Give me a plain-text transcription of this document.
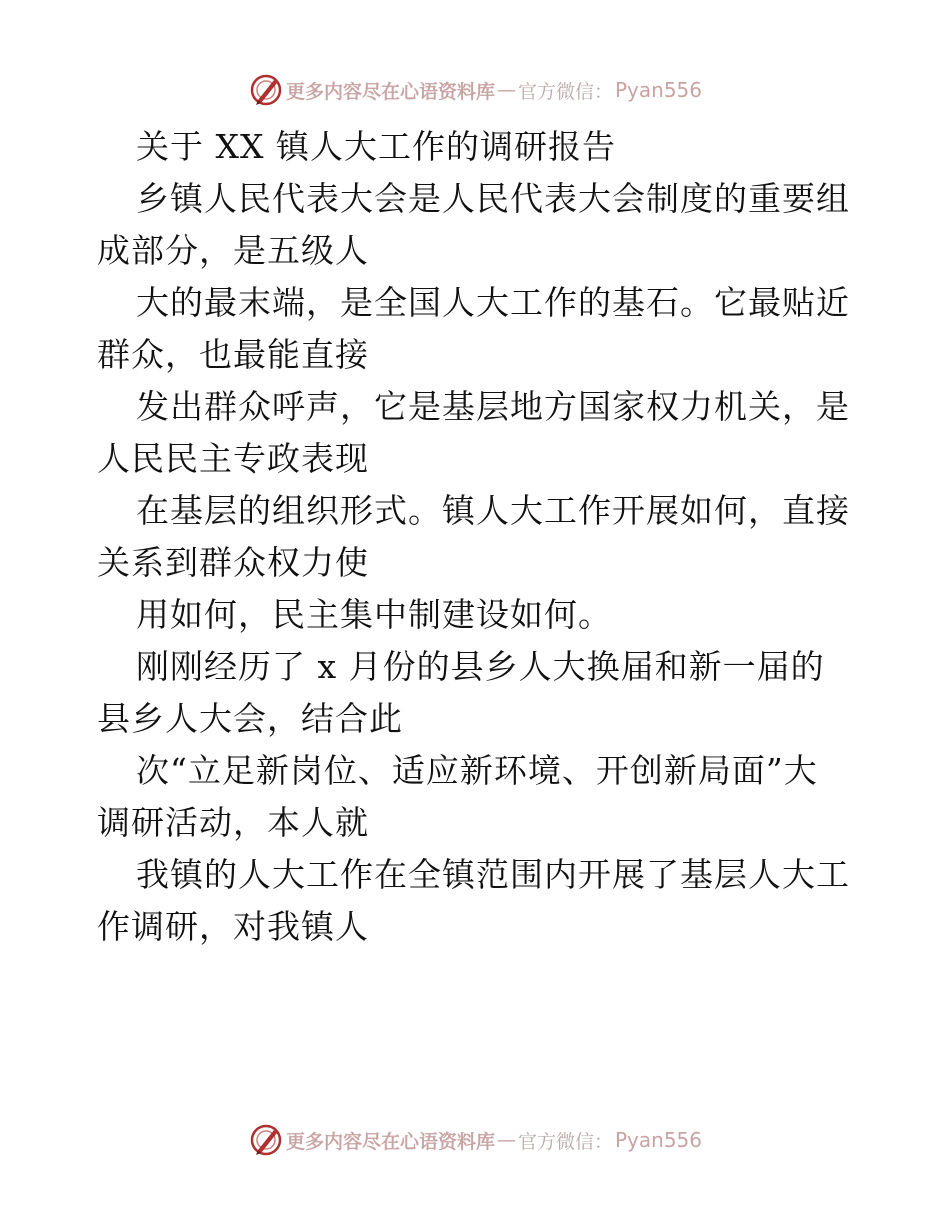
更多内容尽在心语资料库 — 官方微信： Pyan556
关于 XX 镇人大工作的调研报告
乡镇人民代表大会是人民代表大会制度的重要组
成部分，是五级人
大的最末端，是全国人大工作的基石。它最贴近
群众，也最能直接
发出群众呼声，它是基层地方国家权力机关，是
人民民主专政表现
在基层的组织形式。镇人大工作开展如何，直接
关系到群众权力使
用如何，民主集中制建设如何。
刚刚经历了 x 月份的县乡人大换届和新一届的
县乡人大会，结合此
次“立足新岗位、适应新环境、开创新局面”大
调研活动，本人就
我镇的人大工作在全镇范围内开展了基层人大工
作调研，对我镇人
更多内容尽在心语资料库 — 官方微信： Pyan556
